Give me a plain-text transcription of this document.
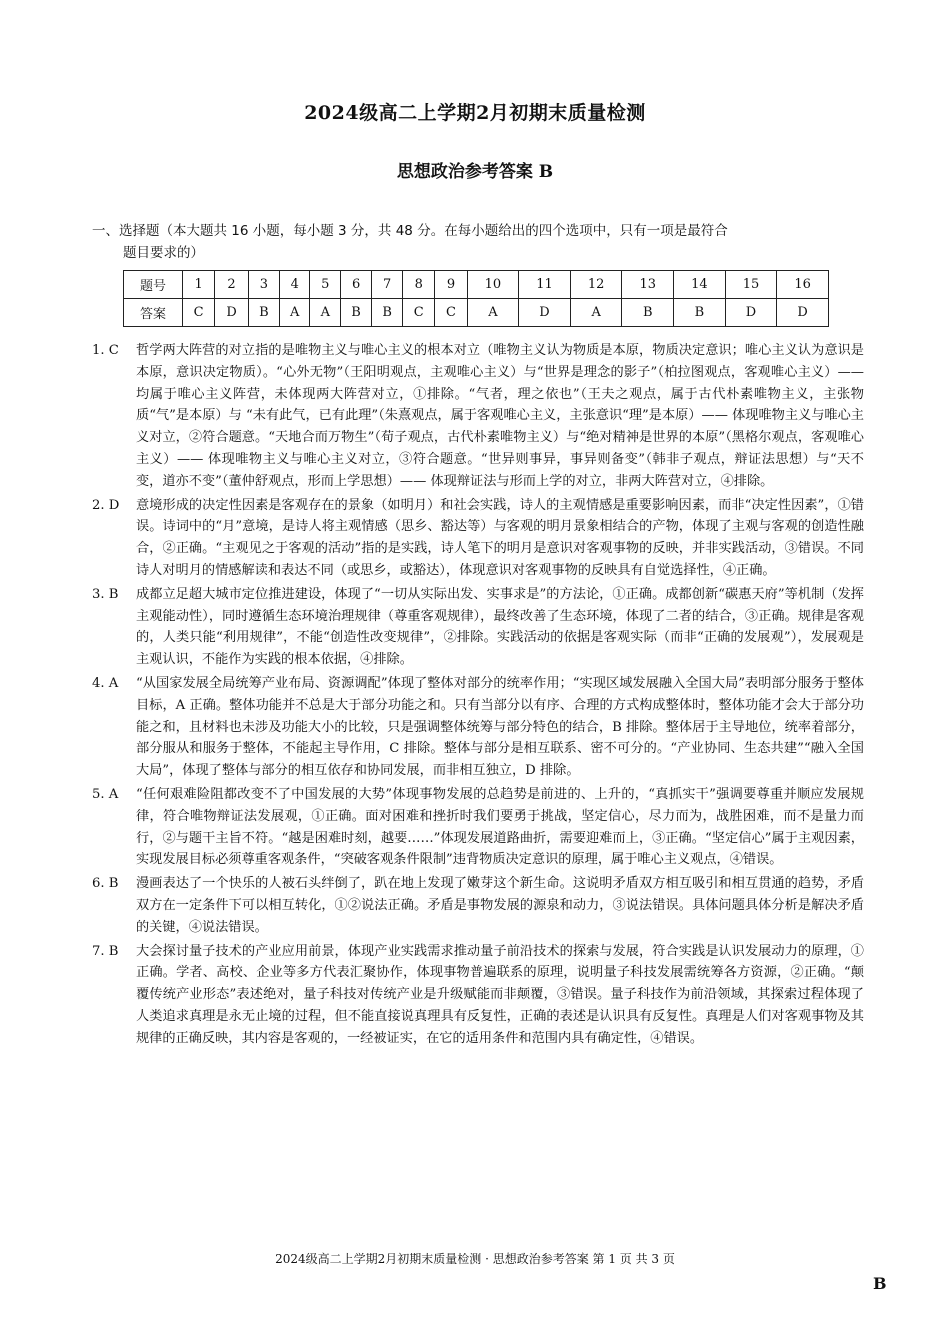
2024级高二上学期2月初期末质量检测
思想政治参考答案 B
一、选择题（本大题共 16 小题，每小题 3 分，共 48 分。在每小题给出的四个选项中，只有一项是最符合
题目要求的）
题号	1	2	3	4	5	6	7	8	9	10	11	12	13	14	15	16
答案	C	D	B	A	A	B	B	C	C	A	D	A	B	B	D	D
1. C	哲学两大阵营的对立指的是唯物主义与唯心主义的根本对立（唯物主义认为物质是本原，物质决定意识；唯心主义认为意识是本原，意识决定物质）。“心外无物”（王阳明观点，主观唯心主义）与“世界是理念的影子”（柏拉图观点，客观唯心主义）—— 均属于唯心主义阵营，未体现两大阵营对立，①排除。“气者，理之依也”（王夫之观点，属于古代朴素唯物主义，主张物质“气”是本原）与 “未有此气，已有此理”（朱熹观点，属于客观唯心主义，主张意识“理”是本原）—— 体现唯物主义与唯心主义对立，②符合题意。“天地合而万物生”（荀子观点，古代朴素唯物主义）与“绝对精神是世界的本原”（黑格尔观点，客观唯心主义）—— 体现唯物主义与唯心主义对立，③符合题意。“世异则事异，事异则备变”（韩非子观点，辩证法思想）与“天不变，道亦不变”（董仲舒观点，形而上学思想）—— 体现辩证法与形而上学的对立，非两大阵营对立，④排除。
2. D	意境形成的决定性因素是客观存在的景象（如明月）和社会实践，诗人的主观情感是重要影响因素，而非“决定性因素”，①错误。诗词中的“月”意境，是诗人将主观情感（思乡、豁达等）与客观的明月景象相结合的产物，体现了主观与客观的创造性融合，②正确。“主观见之于客观的活动”指的是实践，诗人笔下的明月是意识对客观事物的反映，并非实践活动，③错误。不同诗人对明月的情感解读和表达不同（或思乡，或豁达），体现意识对客观事物的反映具有自觉选择性，④正确。
3. B	成都立足超大城市定位推进建设，体现了“一切从实际出发、实事求是”的方法论，①正确。成都创新“碳惠天府”等机制（发挥主观能动性），同时遵循生态环境治理规律（尊重客观规律），最终改善了生态环境，体现了二者的结合，③正确。规律是客观的，人类只能“利用规律”，不能“创造性改变规律”，②排除。实践活动的依据是客观实际（而非“正确的发展观”），发展观是主观认识，不能作为实践的根本依据，④排除。
4. A	“从国家发展全局统筹产业布局、资源调配”体现了整体对部分的统率作用；“实现区域发展融入全国大局”表明部分服务于整体目标，A 正确。整体功能并不总是大于部分功能之和。只有当部分以有序、合理的方式构成整体时，整体功能才会大于部分功能之和，且材料也未涉及功能大小的比较，只是强调整体统筹与部分特色的结合，B 排除。整体居于主导地位，统率着部分，部分服从和服务于整体，不能起主导作用，C 排除。整体与部分是相互联系、密不可分的。“产业协同、生态共建”“融入全国大局”，体现了整体与部分的相互依存和协同发展，而非相互独立，D 排除。
5. A	“任何艰难险阻都改变不了中国发展的大势”体现事物发展的总趋势是前进的、上升的，“真抓实干”强调要尊重并顺应发展规律，符合唯物辩证法发展观，①正确。面对困难和挫折时我们要勇于挑战，坚定信心，尽力而为，战胜困难，而不是量力而行，②与题干主旨不符。“越是困难时刻，越要……”体现发展道路曲折，需要迎难而上，③正确。“坚定信心”属于主观因素，实现发展目标必须尊重客观条件，“突破客观条件限制”违背物质决定意识的原理，属于唯心主义观点，④错误。
6. B	漫画表达了一个快乐的人被石头绊倒了，趴在地上发现了嫩芽这个新生命。这说明矛盾双方相互吸引和相互贯通的趋势，矛盾双方在一定条件下可以相互转化，①②说法正确。矛盾是事物发展的源泉和动力，③说法错误。具体问题具体分析是解决矛盾的关键，④说法错误。
7. B	大会探讨量子技术的产业应用前景，体现产业实践需求推动量子前沿技术的探索与发展，符合实践是认识发展动力的原理，①正确。学者、高校、企业等多方代表汇聚协作，体现事物普遍联系的原理，说明量子科技发展需统筹各方资源，②正确。“颠覆传统产业形态”表述绝对，量子科技对传统产业是升级赋能而非颠覆，③错误。量子科技作为前沿领域，其探索过程体现了人类追求真理是永无止境的过程，但不能直接说真理具有反复性，正确的表述是认识具有反复性。真理是人们对客观事物及其规律的正确反映，其内容是客观的，一经被证实，在它的适用条件和范围内具有确定性，④错误。
2024级高二上学期2月初期末质量检测 · 思想政治参考答案 第 1 页 共 3 页
B
